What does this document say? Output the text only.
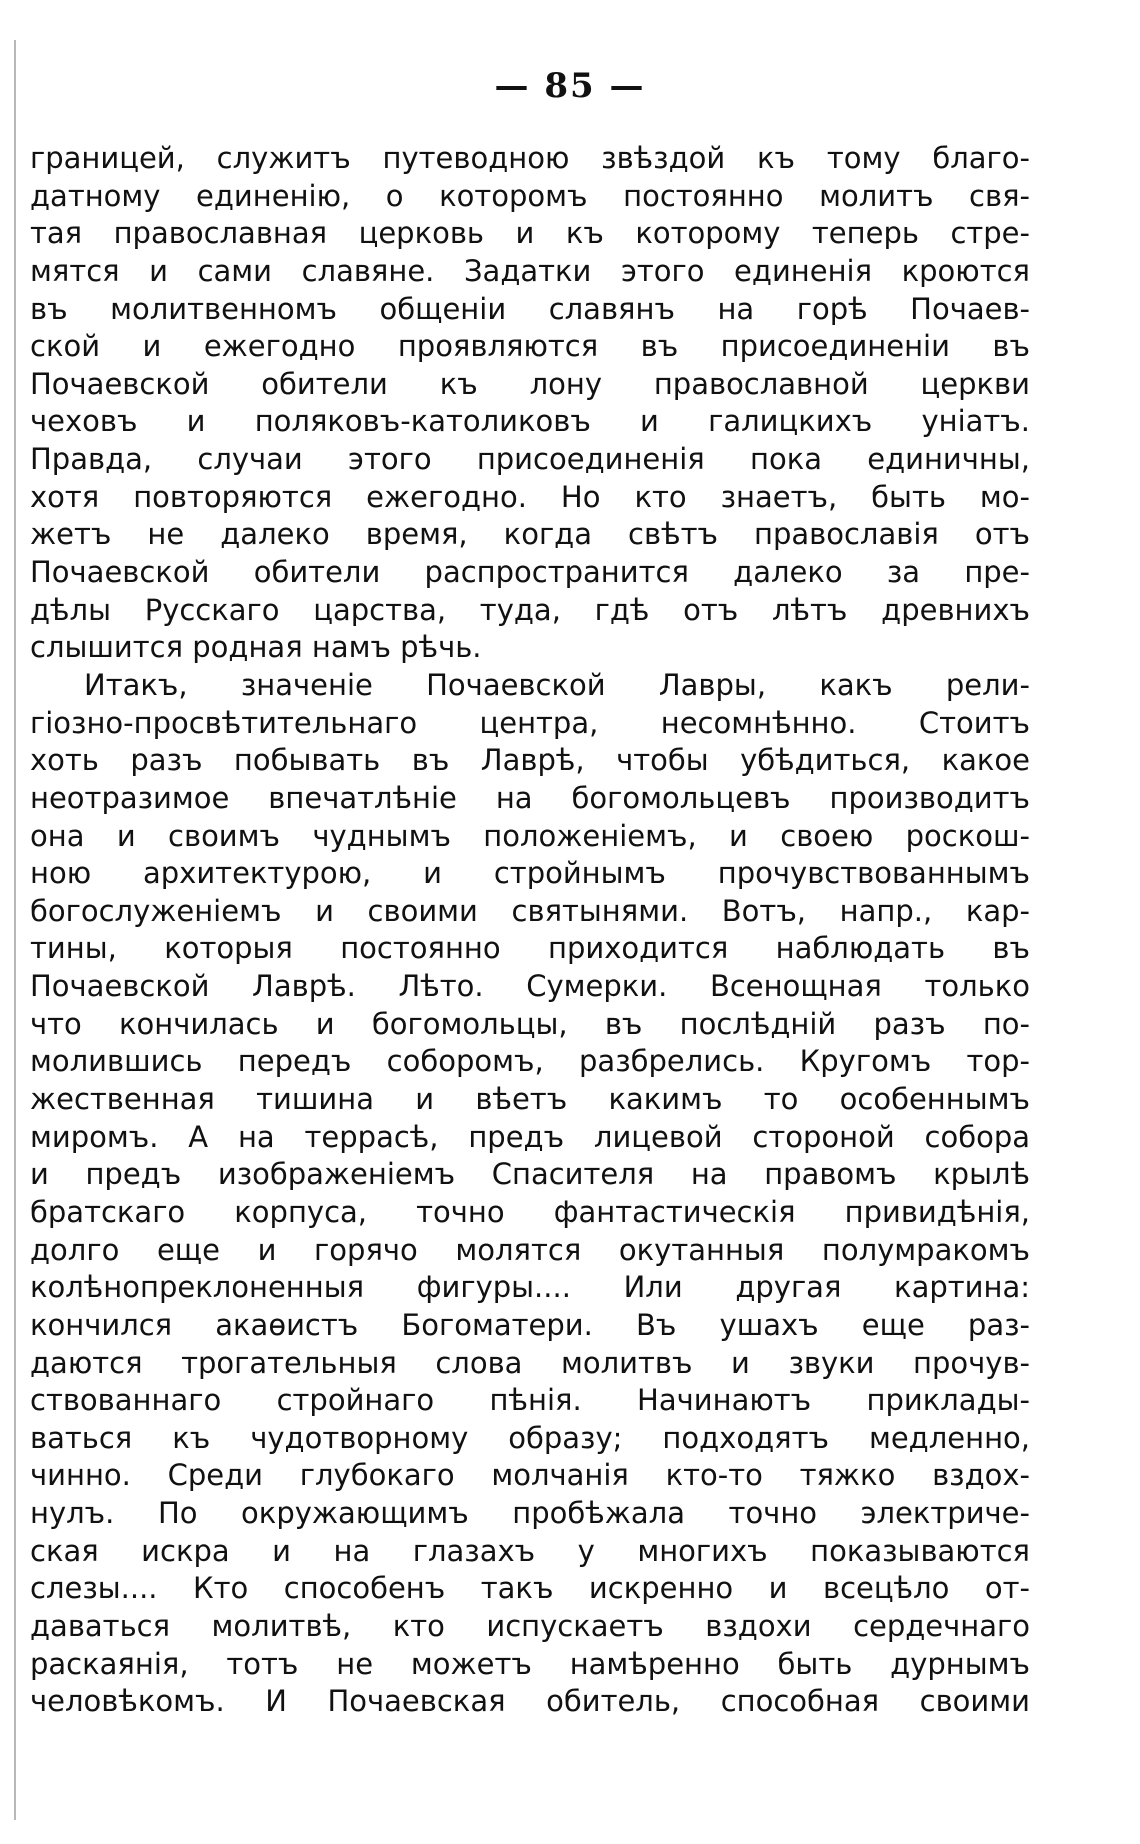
— 85 —
границей, служитъ путеводною звѣздой къ тому благо-
датному единенію, о которомъ постоянно молитъ свя-
тая православная церковь и къ которому теперь стре-
мятся и сами славяне. Задатки этого единенія кроются
въ молитвенномъ общеніи славянъ на горѣ Почаев-
ской и ежегодно проявляются въ присоединеніи въ
Почаевской обители къ лону православной церкви
чеховъ и поляковъ-католиковъ и галицкихъ уніатъ.
Правда, случаи этого присоединенія пока единичны,
хотя повторяются ежегодно. Но кто знаетъ, быть мо-
жетъ не далеко время, когда свѣтъ православія отъ
Почаевской обители распространится далеко за пре-
дѣлы Русскаго царства, туда, гдѣ отъ лѣтъ древнихъ
слышится родная намъ рѣчь.
Итакъ, значеніе Почаевской Лавры, какъ рели-
гіозно-просвѣтительнаго центра, несомнѣнно. Стоитъ
хоть разъ побывать въ Лаврѣ, чтобы убѣдиться, какое
неотразимое впечатлѣніе на богомольцевъ производитъ
она и своимъ чуднымъ положеніемъ, и своею роскош-
ною архитектурою, и стройнымъ прочувствованнымъ
богослуженіемъ и своими святынями. Вотъ, напр., кар-
тины, которыя постоянно приходится наблюдать въ
Почаевской Лаврѣ. Лѣто. Сумерки. Всенощная только
что кончилась и богомольцы, въ послѣдній разъ по-
молившись передъ соборомъ, разбрелись. Кругомъ тор-
жественная тишина и вѣетъ какимъ то особеннымъ
миромъ. А на террасѣ, предъ лицевой стороной собора
и предъ изображеніемъ Спасителя на правомъ крылѣ
братскаго корпуса, точно фантастическія привидѣнія,
долго еще и горячо молятся окутанныя полумракомъ
колѣнопреклоненныя фигуры.... Или другая картина:
кончился акаѳистъ Богоматери. Въ ушахъ еще раз-
даются трогательныя слова молитвъ и звуки прочув-
ствованнаго стройнаго пѣнія. Начинаютъ приклады-
ваться къ чудотворному образу; подходятъ медленно,
чинно. Среди глубокаго молчанія кто-то тяжко вздох-
нулъ. По окружающимъ пробѣжала точно электриче-
ская искра и на глазахъ у многихъ показываются
слезы.... Кто способенъ такъ искренно и всецѣло от-
даваться молитвѣ, кто испускаетъ вздохи сердечнаго
раскаянія, тотъ не можетъ намѣренно быть дурнымъ
человѣкомъ. И Почаевская обитель, способная своими
